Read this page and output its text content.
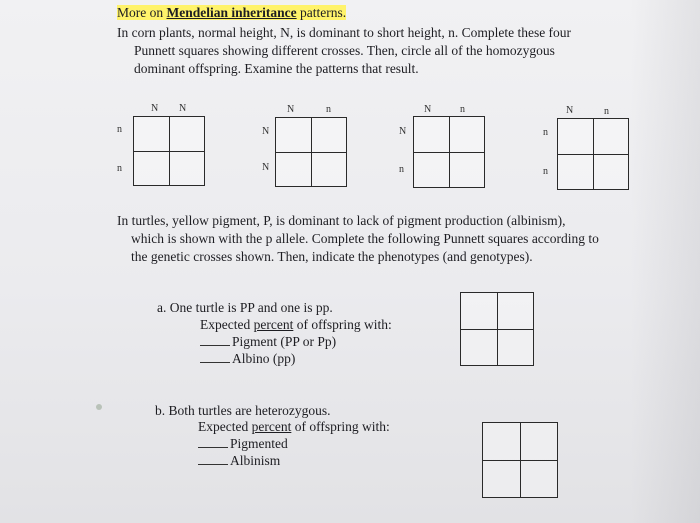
More on Mendelian inheritance patterns.
In corn plants, normal height, N, is dominant to short height, n. Complete these four
Punnett squares showing different crosses. Then, circle all of the homozygous
dominant offspring. Examine the patterns that result.
N N
n
n
N	n
N
N
N	n
N
n
N	n
n
n
In turtles, yellow pigment, P, is dominant to lack of pigment production (albinism),
which is shown with the p allele. Complete the following Punnett squares according to
the genetic crosses shown. Then, indicate the phenotypes (and genotypes).
a. One turtle is PP and one is pp.
Expected percent of offspring with:
Pigment (PP or Pp)
Albino (pp)
b. Both turtles are heterozygous.
Expected percent of offspring with:
Pigmented
Albinism
